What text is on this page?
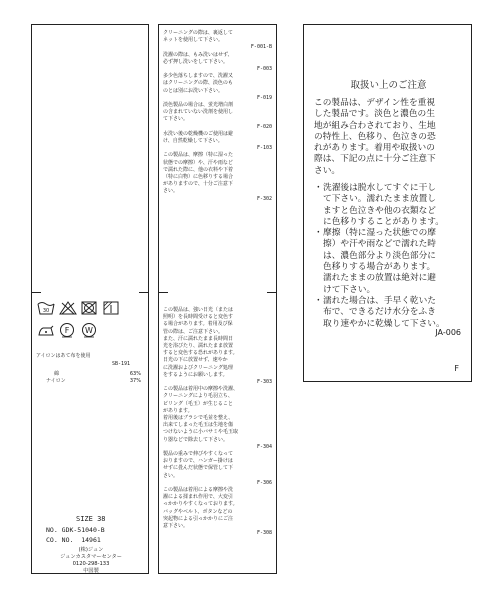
30
F W
アイロンはあて布を使用
SB-191
綿	63%
ナイロン	37%
SIZE 38
NO. GDK-51040-B
CO. NO.  14961
(株)ジュン
ジュンカスタマーセンター
0120-298-133
中国製
クリーニングの際は、裏返して
ネットを使用して下さい。
F-001-B
洗濯の際は、もみ洗いはせず、
必ず押し洗いをして下さい。
F-003
多少色落ちしますので、洗濯又
はクリーニングの際、淡色のも
のとは別にお洗い下さい。
F-019
淡色製品の場合は、蛍光増白剤
の含まれていない洗剤を使用し
て下さい。
F-020
水洗い後の乾燥機のご使用は避
け、自然乾燥して下さい。
F-103
この製品は、摩擦（特に湿った
状態での摩擦）や、汗や雨など
で濡れた際に、他の衣料や下着
（特に白物）に色移りする場合
がありますので、十分ご注意下
さい。
F-302
この製品は、強い日光（または
照明）を長時間受けると変色す
る場合があります。着用及び保
管の際は、ご注意下さい。
また、汗に濡れたまま長時間日
光を浴びたり、濡れたまま放置
すると変色する恐れがあります。
日光の下に放置せず、速やか
に洗濯およびクリーニング処理
をするようにお願いします。
F-303
この製品は着用中の摩擦や洗濯、
クリーニングにより毛羽立ち、
ピリング（毛玉）が生じること
があります。
着用後はブラシで毛並を整え、
出来てしまった毛玉は生地を傷
つけないように小バサミや毛玉取
り器などで除去して下さい。
F-304
製品の重みで伸びやすくなって
おりますので、ハンガー掛けは
せずに畳んだ状態で保管して下
さい。
F-306
この製品は着用による摩擦や洗
濯による揉まれ作用で、大変引
っかかりやすくなっております。
バッグやベルト、ボタンなどの
突起物による引っかかりにご注
意下さい。
F-308
取扱い上のご注意
この製品は、デザイン性を重視
した製品です。淡色と濃色の生
地が組み合わされており、生地
の特性上、色移り、色泣きの恐
れがあります。着用や取扱いの
際は、下記の点に十分ご注意下
さい。
・ 洗濯後は脱水してすぐに干し
て下さい。濡れたまま放置し
ますと色泣きや他の衣類など
に色移りすることがあります。
・ 摩擦（特に湿った状態での摩
擦）や汗や雨などで濡れた時
は、濃色部分より淡色部分に
色移りする場合があります。
濡れたままの放置は絶対に避
けて下さい。
・ 濡れた場合は、手早く乾いた
布で、できるだけ水分をふき
取り速やかに乾燥して下さい。
JA-006
F
